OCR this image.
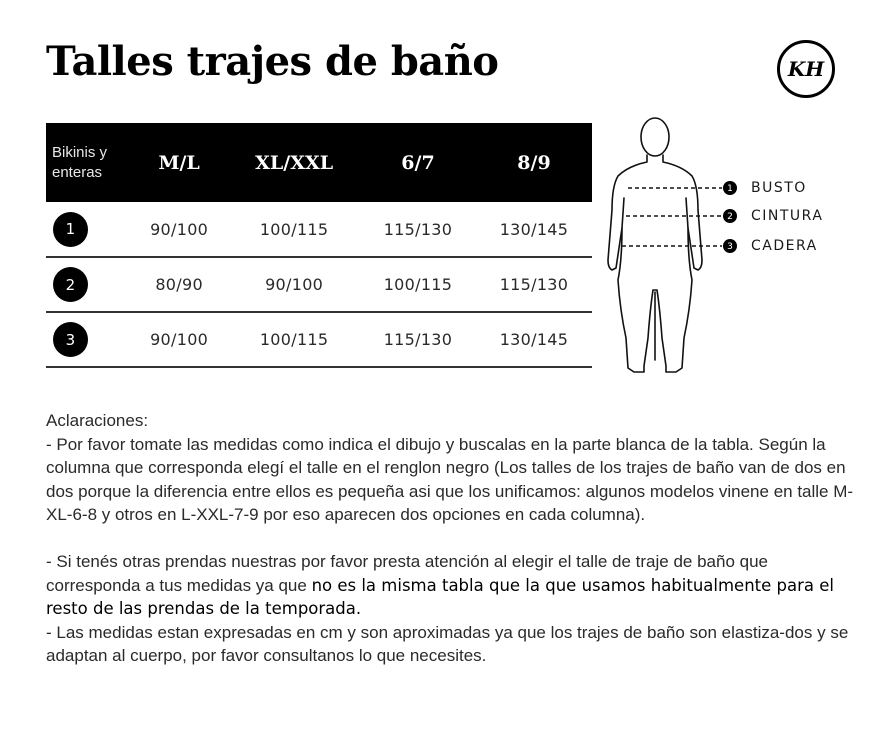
Talles trajes de baño	KH
Bikinis y enteras	M/L	XL/XXL	6/7	8/9
1	90/100	100/115	115/130	130/145
2	80/90	90/100	100/115	115/130
3	90/100	100/115	115/130	130/145
1
2
3
BUSTO
CINTURA
CADERA

Aclaraciones:

- Por favor tomate las medidas como indica el dibujo y buscalas en la parte blanca de la tabla. Según la columna que corresponda elegí el talle en el renglon negro (Los talles de los trajes de baño van de dos en dos porque la diferencia entre ellos es pequeña asi que los unificamos: algunos modelos vinene en talle M-XL-6-8 y otros en L-XXL-7-9 por eso aparecen dos opciones en cada columna).

- Si tenés otras prendas nuestras por favor presta atención al elegir el talle de traje de baño que corresponda a tus medidas ya que no es la misma tabla que la que usamos habitualmente para el resto de las prendas de la temporada.

- Las medidas estan expresadas en cm y son aproximadas ya que los trajes de baño son elastiza-dos y se adaptan al cuerpo, por favor consultanos lo que necesites.
